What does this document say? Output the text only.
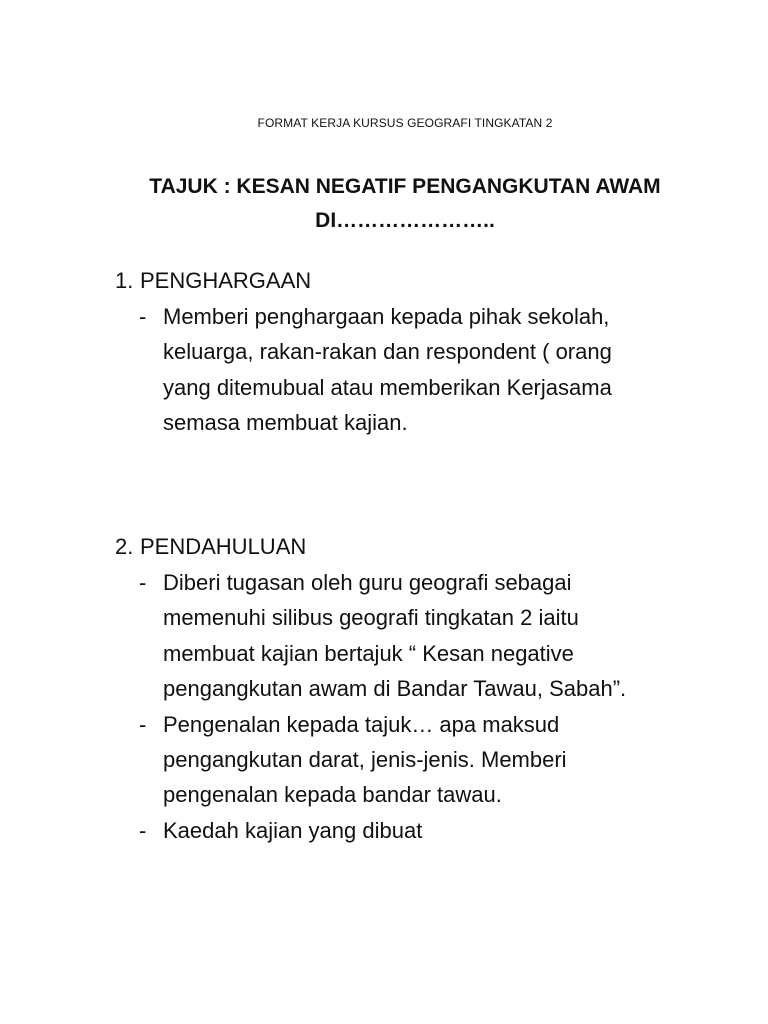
FORMAT KERJA KURSUS GEOGRAFI TINGKATAN 2
TAJUK : KESAN NEGATIF PENGANGKUTAN AWAM
DI…………………..
1. PENGHARGAAN
- Memberi penghargaan kepada pihak sekolah, keluarga, rakan-rakan dan respondent ( orang yang ditemubual atau memberikan Kerjasama semasa membuat kajian.
2. PENDAHULUAN
- Diberi tugasan oleh guru geografi sebagai memenuhi silibus geografi tingkatan 2 iaitu membuat kajian bertajuk “ Kesan negative pengangkutan awam di Bandar Tawau, Sabah”.
- Pengenalan kepada tajuk… apa maksud pengangkutan darat, jenis-jenis. Memberi pengenalan kepada bandar tawau.
- Kaedah kajian yang dibuat
